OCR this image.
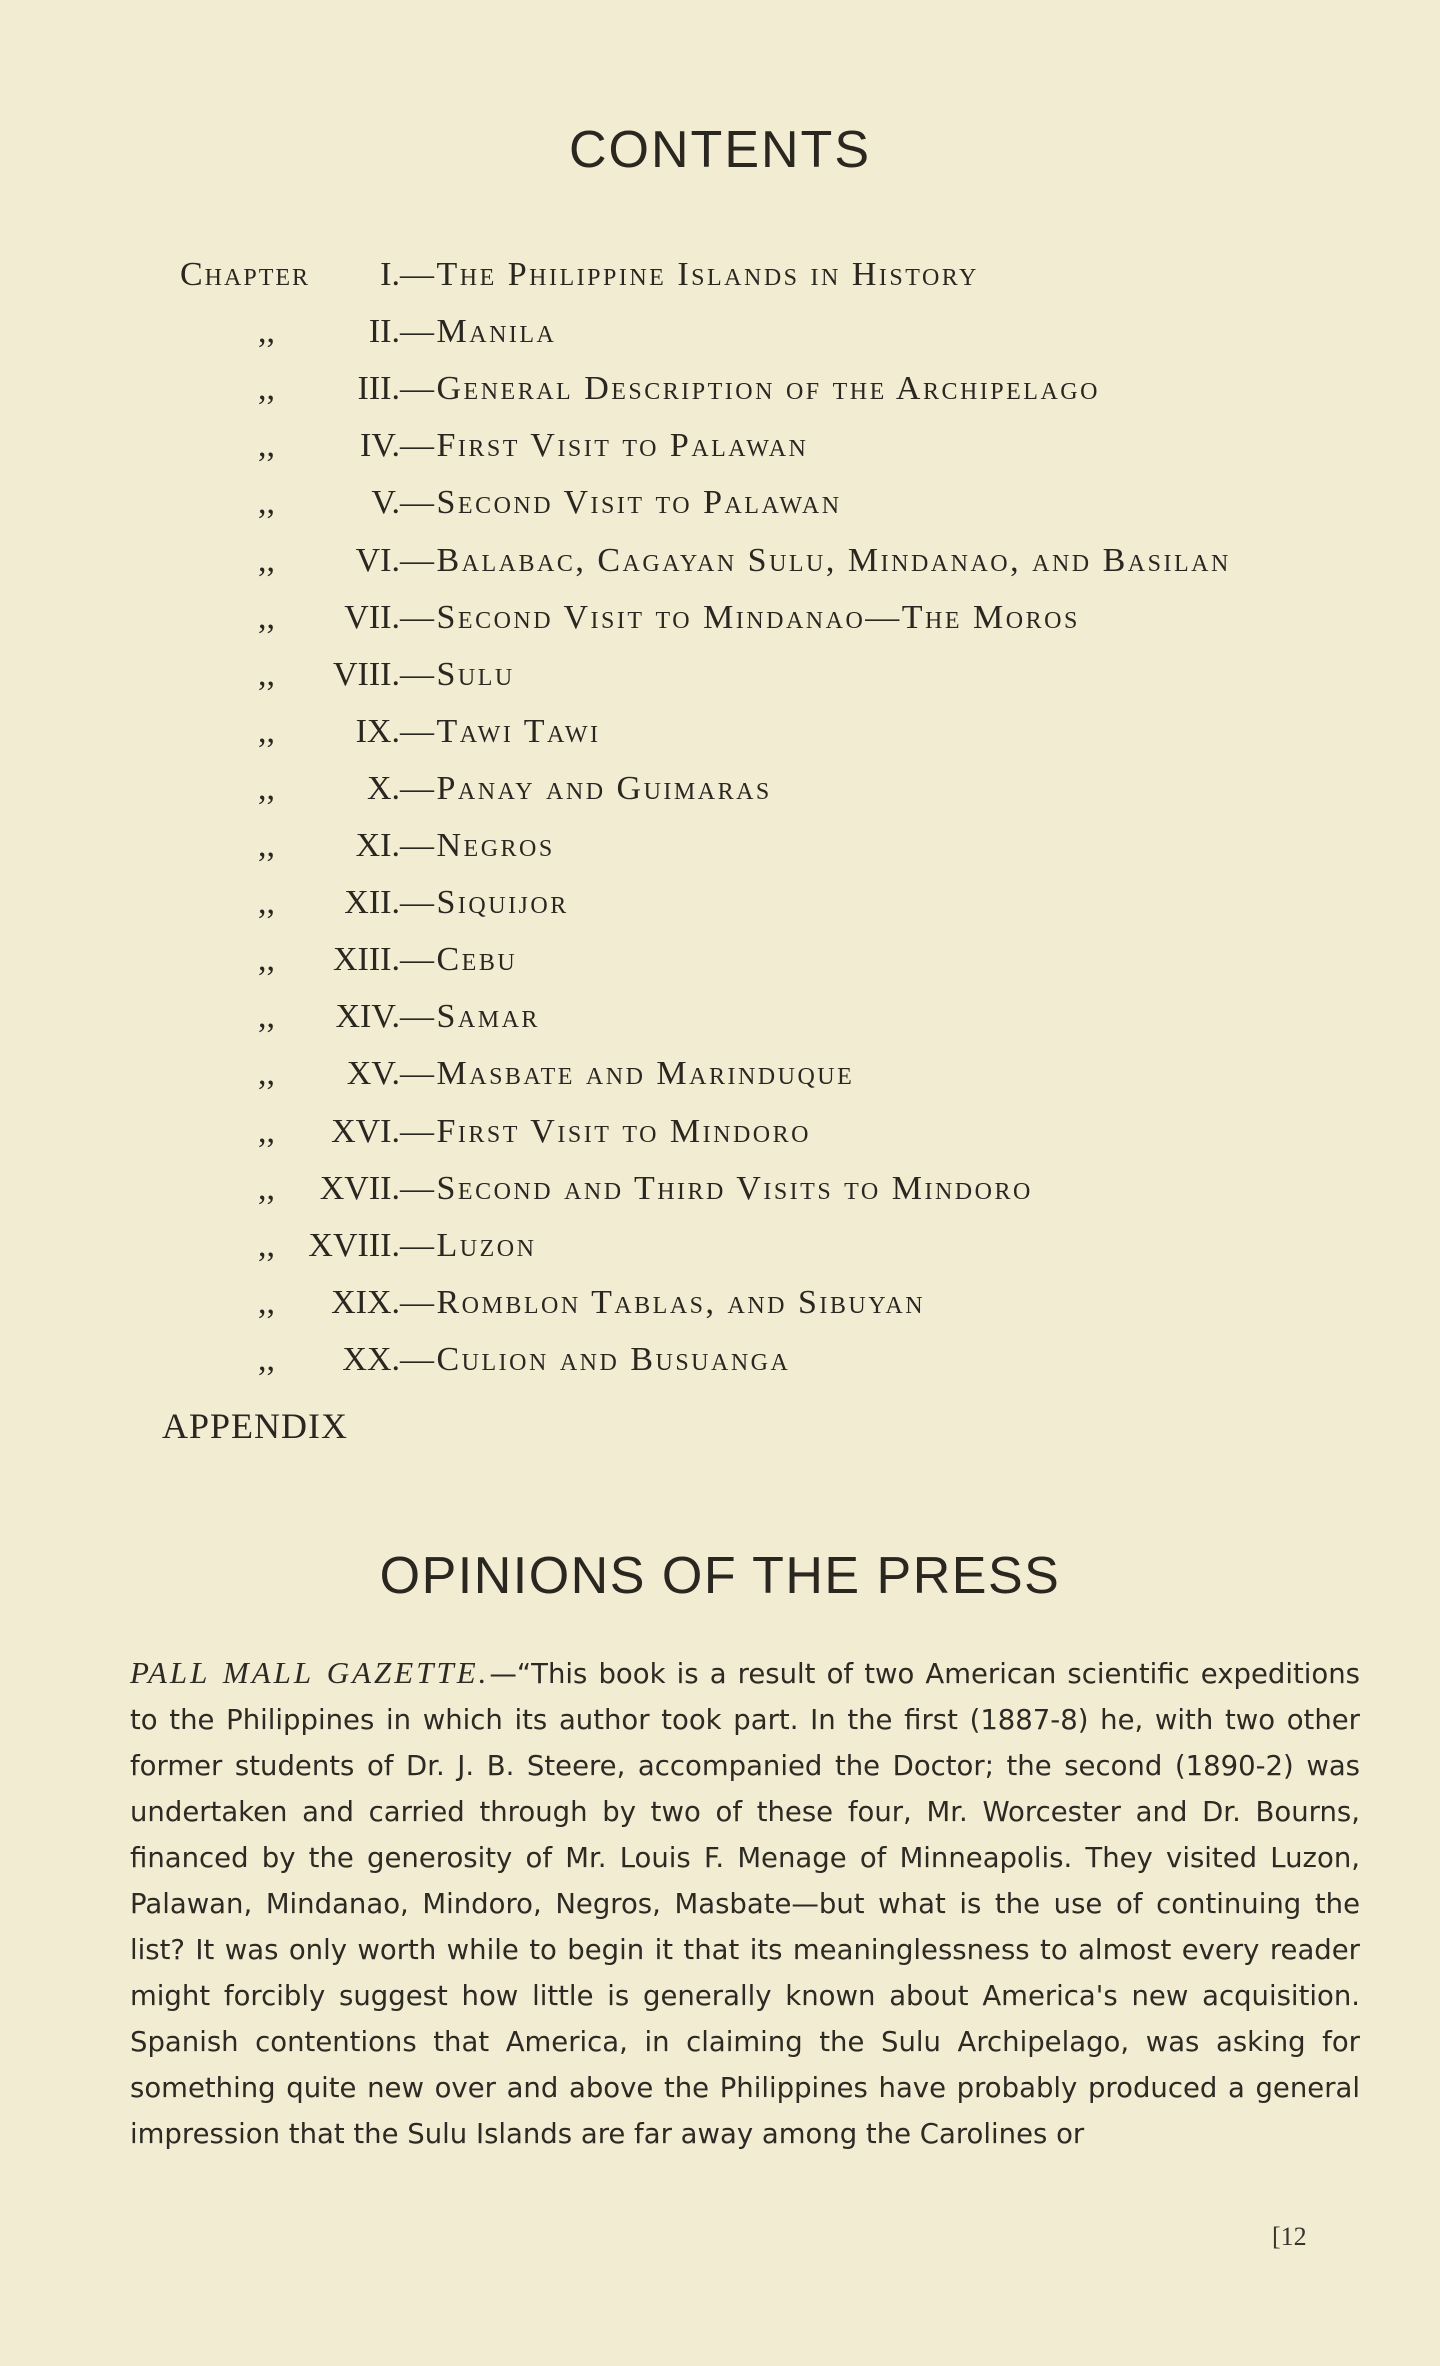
CONTENTS
Chapter I. —The Philippine Islands in History
,,	II. —Manila
,,	III. —General Description of the Archipelago
,,	IV. —First Visit to Palawan
,,	V. —Second Visit to Palawan
,,	VI. —Balabac, Cagayan Sulu, Mindanao, and Basilan
,,	VII. —Second Visit to Mindanao—The Moros
,,	VIII. —Sulu
,,	IX. —Tawi Tawi
,,	X. —Panay and Guimaras
,,	XI. —Negros
,,	XII. —Siquijor
,,	XIII. —Cebu
,,	XIV. —Samar
,,	XV. —Masbate and Marinduque
,,	XVI. —First Visit to Mindoro
,,	XVII. —Second and Third Visits to Mindoro
,, XVIII. —Luzon
,,	XIX. —Romblon Tablas, and Sibuyan
,,	XX. —Culion and Busuanga
APPENDIX
OPINIONS OF THE PRESS
PALL MALL GAZETTE.—“This book is a result of two American scientific expeditions to the Philippines in which its author took part. In the first (1887-8) he, with two other former students of Dr. J. B. Steere, accompanied the Doctor; the second (1890-2) was undertaken and carried through by two of these four, Mr. Worcester and Dr. Bourns, financed by the generosity of Mr. Louis F. Menage of Minneapolis. They visited Luzon, Palawan, Mindanao, Mindoro, Negros, Masbate—but what is the use of continuing the list? It was only worth while to begin it that its meaninglessness to almost every reader might forcibly suggest how little is generally known about America's new acquisition. Spanish contentions that America, in claiming the Sulu Archipelago, was asking for something quite new over and above the Philippines have probably produced a general impression that the Sulu Islands are far away among the Carolines or
[12
